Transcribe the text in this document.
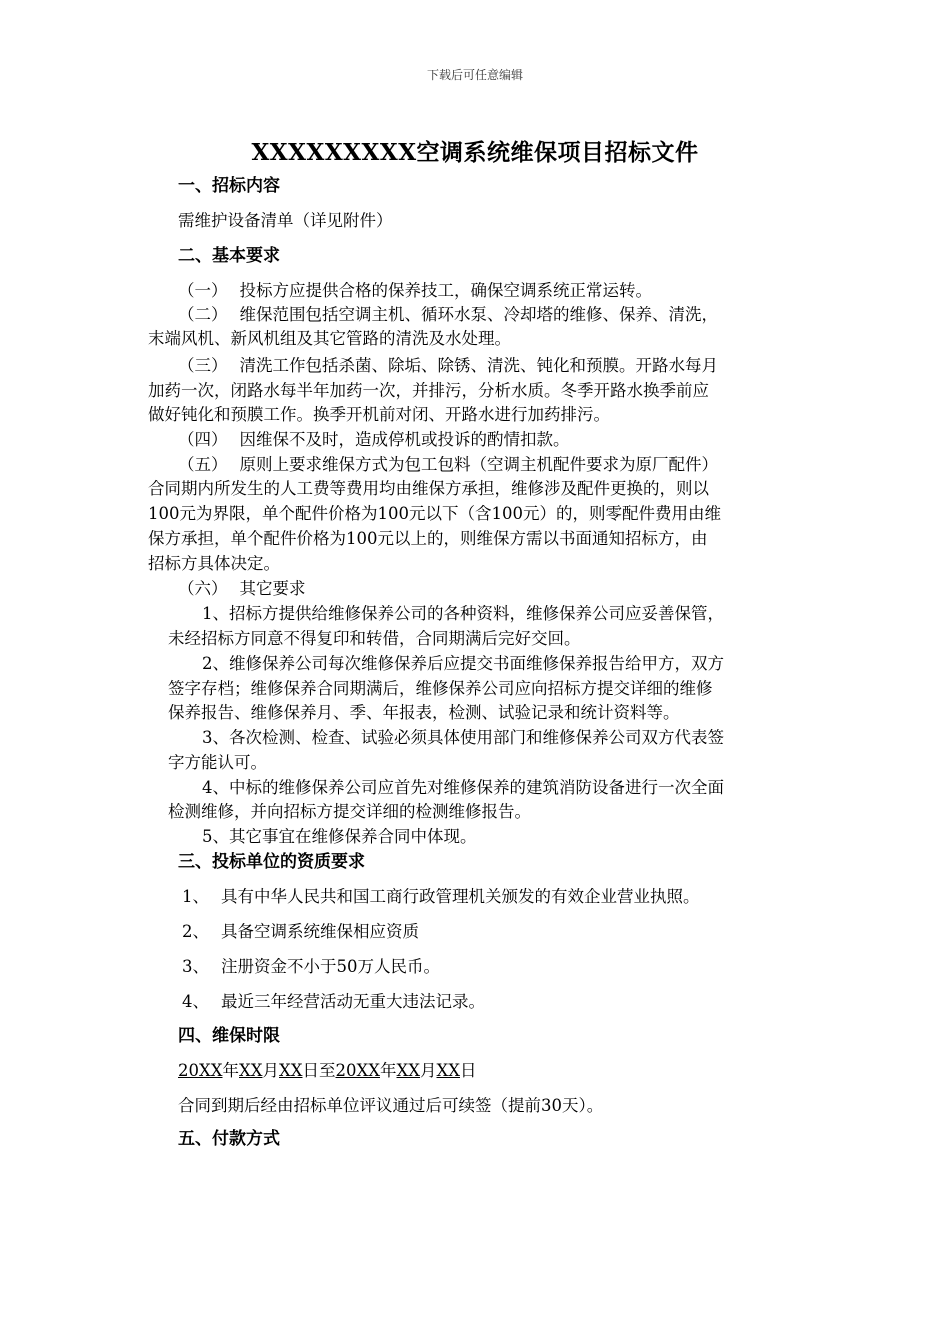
下载后可任意编辑
XXXXXXXXX空调系统维保项目招标文件
一、招标内容
需维护设备清单（详见附件）
二、基本要求
（一） 投标方应提供合格的保养技工，确保空调系统正常运转。
（二） 维保范围包括空调主机、循环水泵、冷却塔的维修、保养、清洗，
末端风机、新风机组及其它管路的清洗及水处理。
（三） 清洗工作包括杀菌、除垢、除锈、清洗、钝化和预膜。开路水每月
加药一次，闭路水每半年加药一次，并排污，分析水质。冬季开路水换季前应
做好钝化和预膜工作。换季开机前对闭、开路水进行加药排污。
（四） 因维保不及时，造成停机或投诉的酌情扣款。
（五） 原则上要求维保方式为包工包料（空调主机配件要求为原厂配件）
合同期内所发生的人工费等费用均由维保方承担，维修涉及配件更换的，则以
100元为界限，单个配件价格为100元以下（含100元）的，则零配件费用由维
保方承担，单个配件价格为100元以上的，则维保方需以书面通知招标方，由
招标方具体决定。
（六） 其它要求
1、招标方提供给维修保养公司的各种资料，维修保养公司应妥善保管，
未经招标方同意不得复印和转借，合同期满后完好交回。
2、维修保养公司每次维修保养后应提交书面维修保养报告给甲方，双方
签字存档；维修保养合同期满后，维修保养公司应向招标方提交详细的维修
保养报告、维修保养月、季、年报表，检测、试验记录和统计资料等。
3、各次检测、检查、试验必须具体使用部门和维修保养公司双方代表签
字方能认可。
4、中标的维修保养公司应首先对维修保养的建筑消防设备进行一次全面
检测维修，并向招标方提交详细的检测维修报告。
5、其它事宜在维修保养合同中体现。
三、投标单位的资质要求
1、 具有中华人民共和国工商行政管理机关颁发的有效企业营业执照。
2、 具备空调系统维保相应资质
3、 注册资金不小于50万人民币。
4、 最近三年经营活动无重大违法记录。
四、维保时限
20XX年XX月XX日至20XX年XX月XX日
合同到期后经由招标单位评议通过后可续签（提前30天）。
五、付款方式
